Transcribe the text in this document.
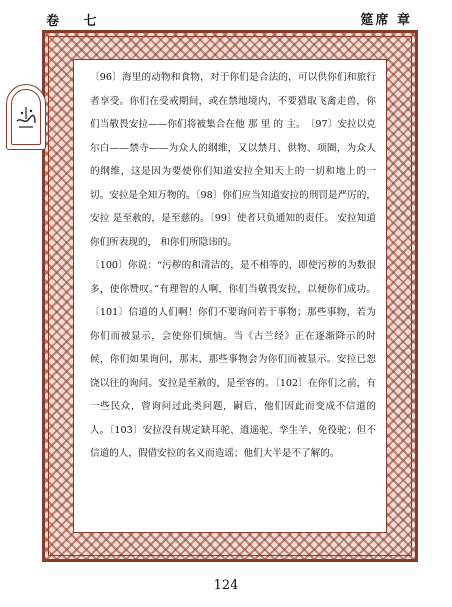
卷 七	筵席 章

〔96〕海里的动物和食物，对于你们是合法的，可以供你们和旅行者享受。你们在受戒期间，或在禁地境内，不要猎取飞禽走兽，你们当敬畏安拉——你们将被集合在他 那 里 的 主。﻿〔97〕安拉以克尔白——禁寺——为众人的纲维，又以禁月、供物、项圈，为众人的纲维，这是因为要使你们知道安拉全知天上的一切和地上的一切。安拉是全知万物的。〔98〕你们应当知道安拉的刑罚是严厉的，安拉 是至赦的，是至慈的。〔99〕使者只负通知的责任。 安拉知道你们所表现的， 和你们所隐讳的。

〔100〕你说：“污秽的和清洁的，是不相等的，即使污秽的为数很多，使你赞叹。”有理智的人啊，你们当敬畏安拉，以便你们成功。〔101〕信道的人们啊！你们不要询问若干事物；那些事物，若为你们而被显示，会使你们烦恼。当《古兰经》正在逐渐降示的时候，你们如果询问，那末，那些事物会为你们而被显示。安拉已恕饶以往的询问。安拉是至赦的，是至容的。〔102〕在你们之前，有一些民众，曾询问过此类问题，嗣后，他们因此而变成不信道的人。〔103〕安拉没有规定缺耳驼、逍遥驼、孪生羊、免役驼；但不信道的人，假借安拉的名义而造谣；他们大半是不了解的。

124
